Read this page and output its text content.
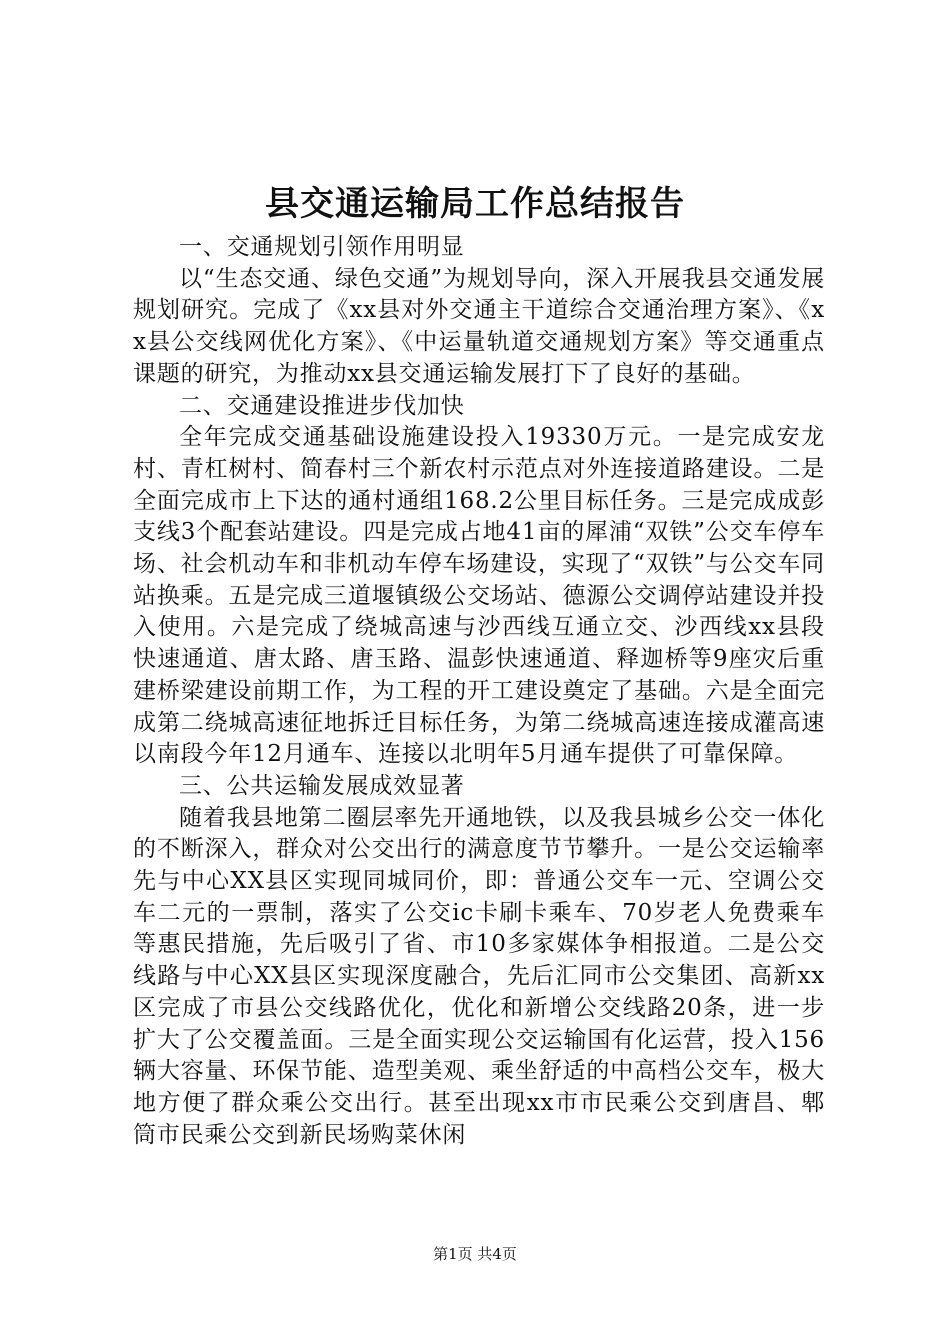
县交通运输局工作总结报告

一、交通规划引领作用明显

以“生态交通、绿色交通”为规划导向，深入开展我县交通发展规划研究。完成了《xx县对外交通主干道综合交通治理方案》、《xx县公交线网优化方案》、《中运量轨道交通规划方案》等交通重点课题的研究，为推动xx县交通运输发展打下了良好的基础。

二、交通建设推进步伐加快

全年完成交通基础设施建设投入19330万元。一是完成安龙村、青杠树村、简春村三个新农村示范点对外连接道路建设。二是全面完成市上下达的通村通组168.2公里目标任务。三是完成成彭支线3个配套站建设。四是完成占地41亩的犀浦“双铁”公交车停车场、社会机动车和非机动车停车场建设，实现了“双铁”与公交车同站换乘。五是完成三道堰镇级公交场站、德源公交调停站建设并投入使用。六是完成了绕城高速与沙西线互通立交、沙西线xx县段快速通道、唐太路、唐玉路、温彭快速通道、释迦桥等9座灾后重建桥梁建设前期工作，为工程的开工建设奠定了基础。六是全面完成第二绕城高速征地拆迁目标任务，为第二绕城高速连接成灌高速以南段今年12月通车、连接以北明年5月通车提供了可靠保障。

三、公共运输发展成效显著

随着我县地第二圈层率先开通地铁，以及我县城乡公交一体化的不断深入，群众对公交出行的满意度节节攀升。一是公交运输率先与中心XX县区实现同城同价，即：普通公交车一元、空调公交车二元的一票制，落实了公交ic卡刷卡乘车、70岁老人免费乘车等惠民措施，先后吸引了省、市10多家媒体争相报道。二是公交线路与中心XX县区实现深度融合，先后汇同市公交集团、高新xx区完成了市县公交线路优化，优化和新增公交线路20条，进一步扩大了公交覆盖面。三是全面实现公交运输国有化运营，投入156辆大容量、环保节能、造型美观、乘坐舒适的中高档公交车，极大地方便了群众乘公交出行。甚至出现xx市市民乘公交到唐昌、郫筒市民乘公交到新民场购菜休闲

第1页 共4页
